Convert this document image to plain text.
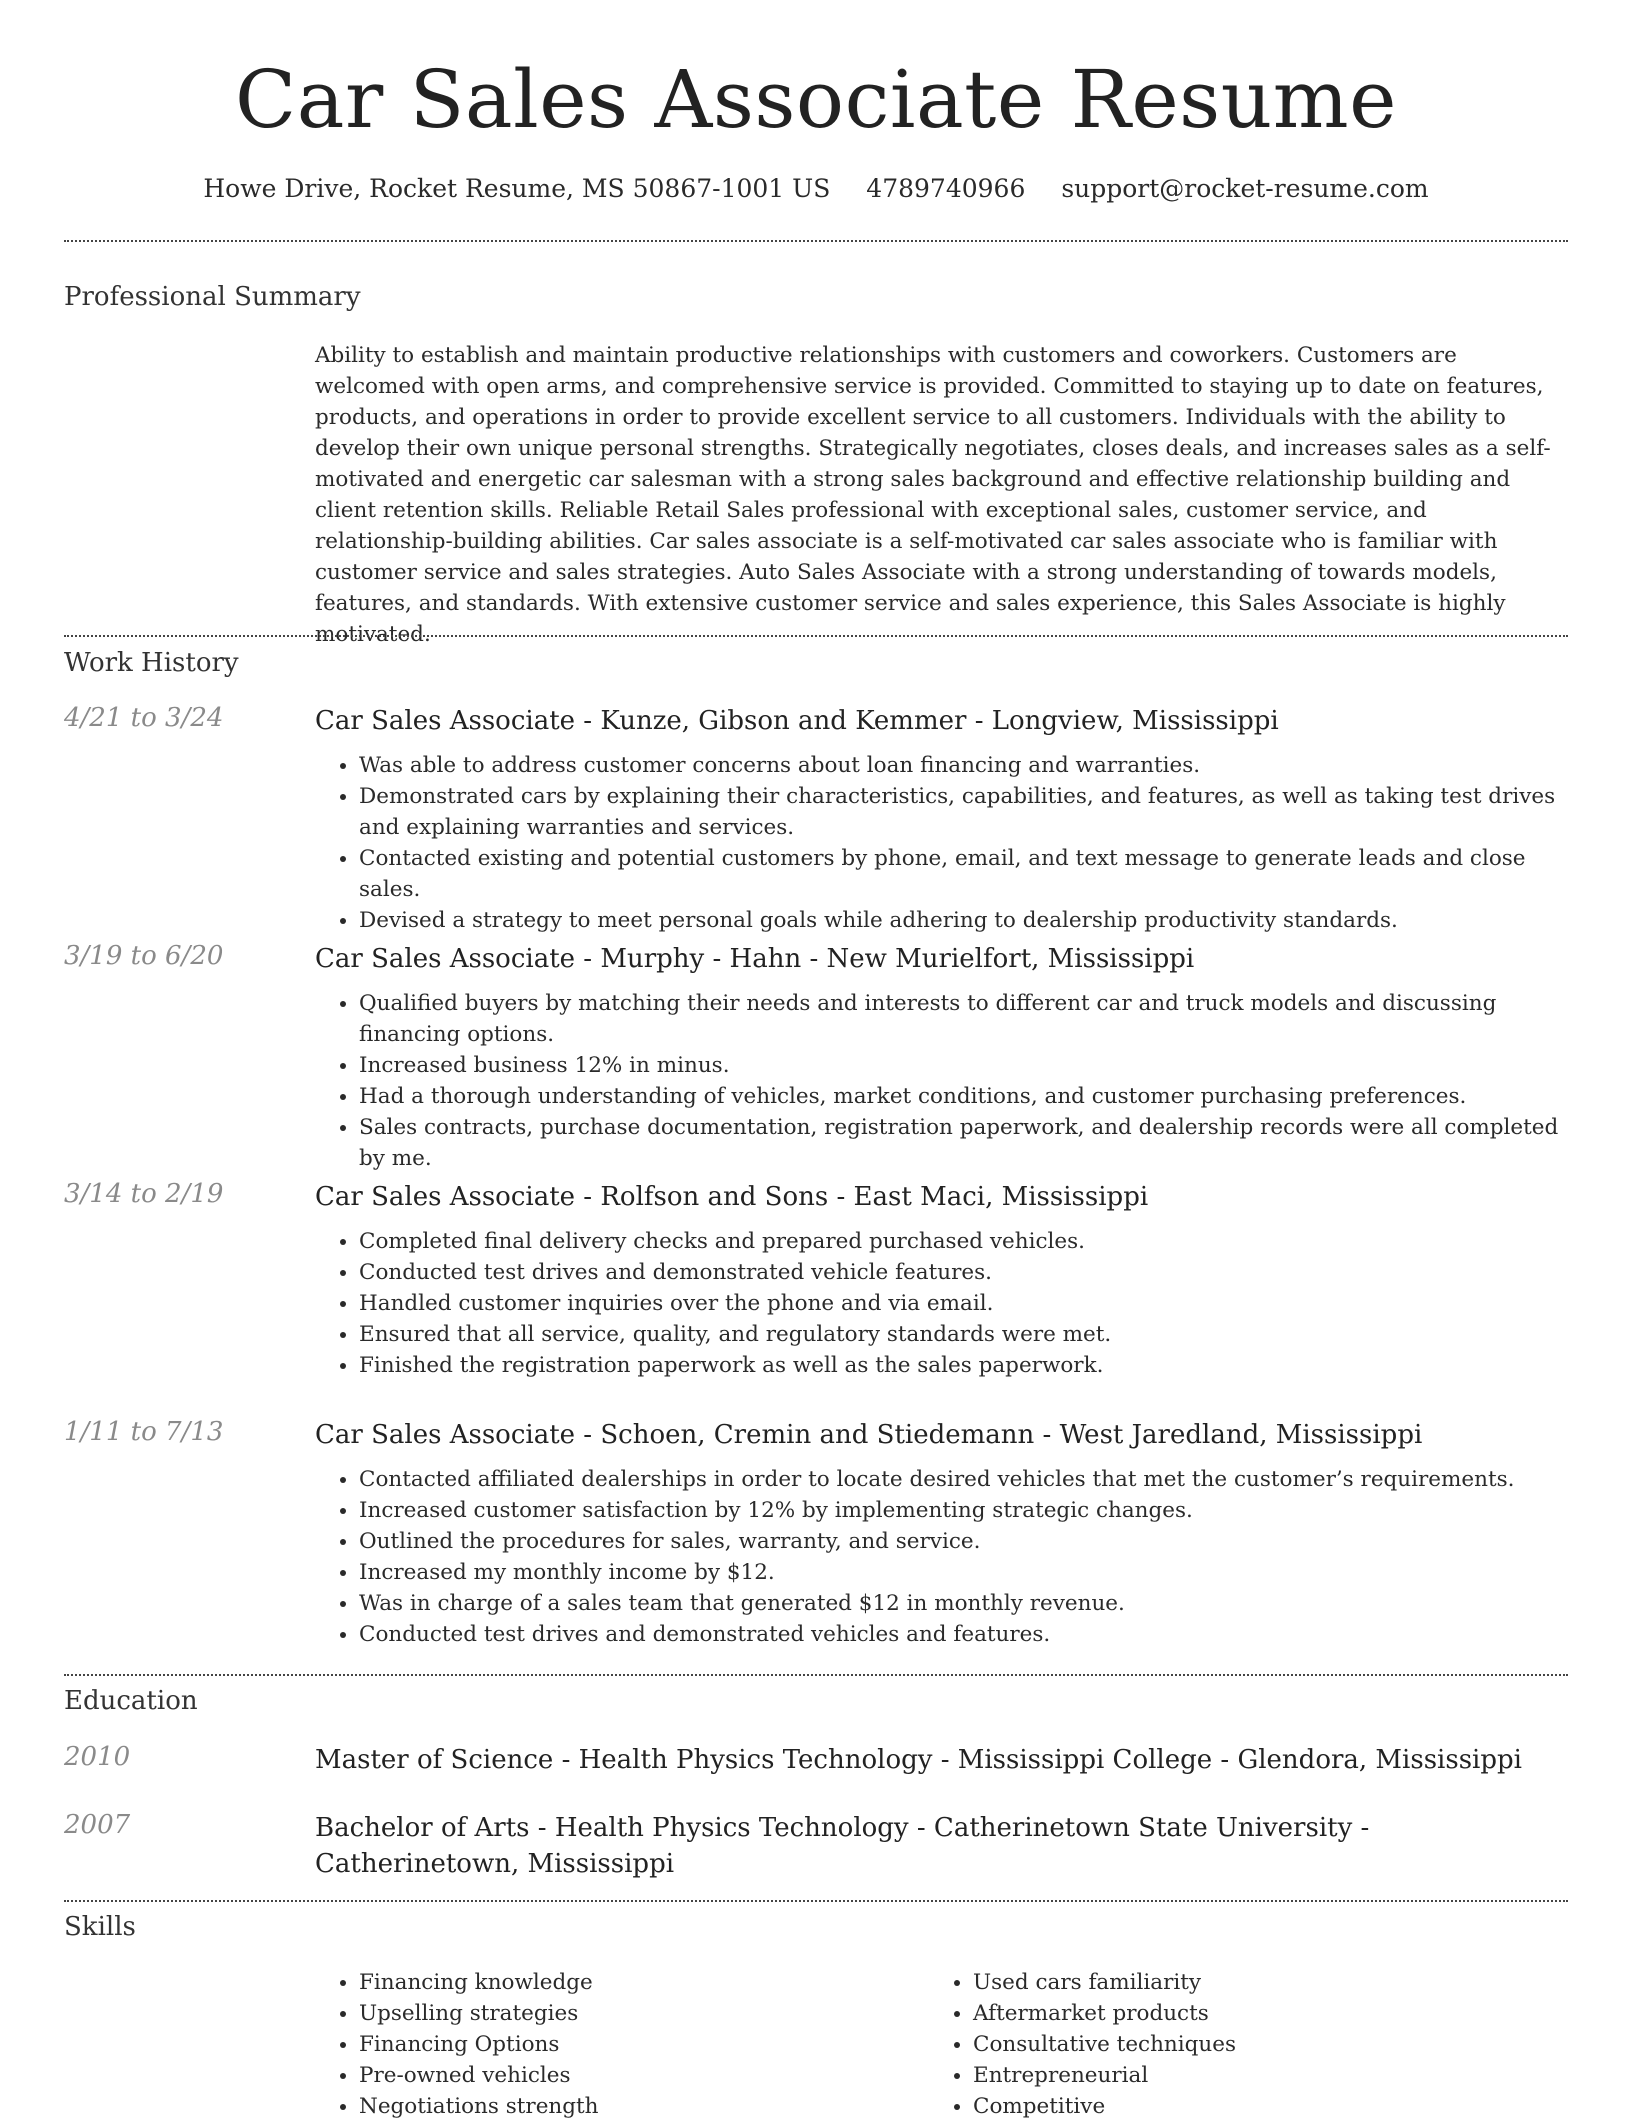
Car Sales Associate Resume
Howe Drive, Rocket Resume, MS 50867-1001 US 4789740966 support@rocket-resume.com
Professional Summary
Ability to establish and maintain productive relationships with customers and coworkers. Customers are welcomed with open arms, and comprehensive service is provided. Committed to staying up to date on features, products, and operations in order to provide excellent service to all customers. Individuals with the ability to develop their own unique personal strengths. Strategically negotiates, closes deals, and increases sales as a self-motivated and energetic car salesman with a strong sales background and effective relationship building and client retention skills. Reliable Retail Sales professional with exceptional sales, customer service, and relationship-building abilities. Car sales associate is a self-motivated car sales associate who is familiar with customer service and sales strategies. Auto Sales Associate with a strong understanding of towards models, features, and standards. With extensive customer service and sales experience, this Sales Associate is highly motivated.
Work History
4/21 to 3/24	Car Sales Associate - Kunze, Gibson and Kemmer - Longview, Mississippi
• Was able to address customer concerns about loan financing and warranties.
• Demonstrated cars by explaining their characteristics, capabilities, and features, as well as taking test drives and explaining warranties and services.
• Contacted existing and potential customers by phone, email, and text message to generate leads and close sales.
• Devised a strategy to meet personal goals while adhering to dealership productivity standards.
3/19 to 6/20	Car Sales Associate - Murphy - Hahn - New Murielfort, Mississippi
• Qualified buyers by matching their needs and interests to different car and truck models and discussing financing options.
• Increased business 12% in minus.
• Had a thorough understanding of vehicles, market conditions, and customer purchasing preferences.
• Sales contracts, purchase documentation, registration paperwork, and dealership records were all completed by me.
3/14 to 2/19	Car Sales Associate - Rolfson and Sons - East Maci, Mississippi
• Completed final delivery checks and prepared purchased vehicles.
• Conducted test drives and demonstrated vehicle features.
• Handled customer inquiries over the phone and via email.
• Ensured that all service, quality, and regulatory standards were met.
• Finished the registration paperwork as well as the sales paperwork.
1/11 to 7/13	Car Sales Associate - Schoen, Cremin and Stiedemann - West Jaredland, Mississippi
• Contacted affiliated dealerships in order to locate desired vehicles that met the customer’s requirements.
• Increased customer satisfaction by 12% by implementing strategic changes.
• Outlined the procedures for sales, warranty, and service.
• Increased my monthly income by $12.
• Was in charge of a sales team that generated $12 in monthly revenue.
• Conducted test drives and demonstrated vehicles and features.
Education
2010	Master of Science - Health Physics Technology - Mississippi College - Glendora, Mississippi
2007	Bachelor of Arts - Health Physics Technology - Catherinetown State University - Catherinetown, Mississippi
Skills
• Financing knowledge
• Upselling strategies
• Financing Options
• Pre-owned vehicles
• Negotiations strength
• Used cars familiarity
• Aftermarket products
• Consultative techniques
• Entrepreneurial
• Competitive
